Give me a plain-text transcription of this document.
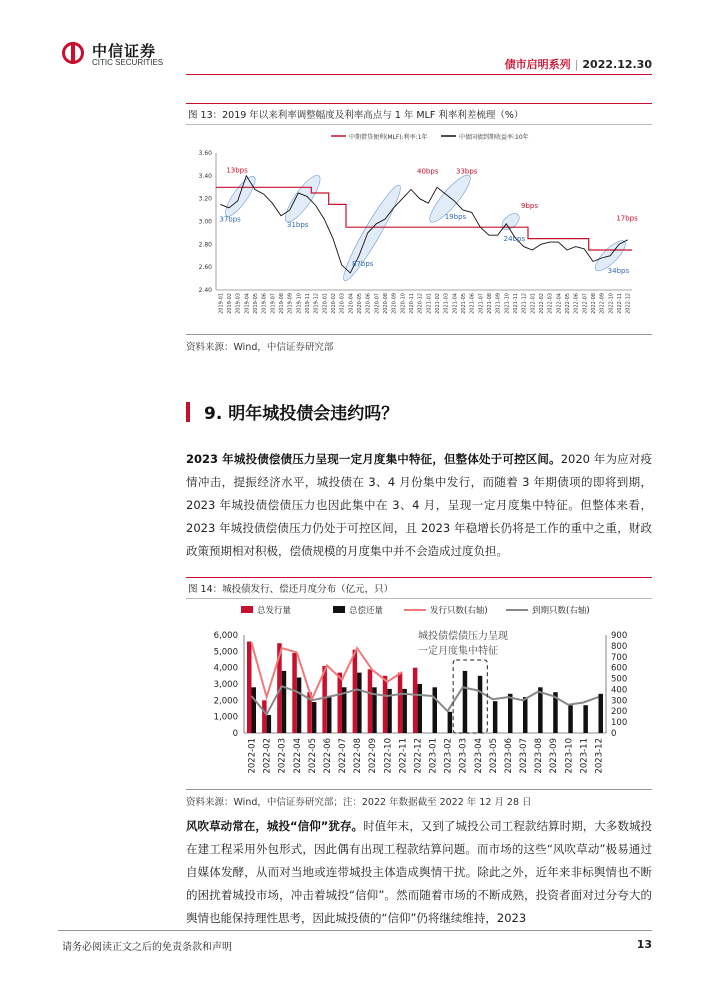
中信证券
CITIC SECURITIES	债市启明系列 | 2022.12.30
图 13：2019 年以来利率调整幅度及利率高点与 1 年 MLF 利率利差梳理（%）
中期借贷便利(MLF):利率:1年	中债国债到期收益率:10年
3.60
3.40
3.20
3.00
2.80
2.60
2.40
2019-01 2019-02 2019-03 2019-04 2019-05 2019-06 2019-07 2019-08 2019-09 2019-10 2019-11 2019-12 2020-01 2020-02 2020-03 2020-04 2020-05 2020-06 2020-07 2020-08 2020-09 2020-10 2020-11 2020-12 2021-01 2021-02 2021-03 2021-04 2021-05 2021-06 2021-07 2021-08 2021-09 2021-10 2021-11 2021-12 2022-01 2022-02 2022-03 2022-04 2022-05 2022-06 2022-07 2022-08 2022-09 2022-10 2022-11 2022-12
13bps
37bps
31bps
87bps
40bps	33bps
19bps
9bps
24bps
17bps
34bps
资料来源：Wind，中信证券研究部
9. 明年城投债会违约吗？
2023 年城投债偿债压力呈现一定月度集中特征，但整体处于可控区间。2020 年为应对疫情冲击，提振经济水平，城投债在 3、4 月份集中发行，而随着 3 年期债项的即将到期，2023 年城投债偿债压力也因此集中在 3、4 月，呈现一定月度集中特征。但整体来看，2023 年城投债偿债压力仍处于可控区间，且 2023 年稳增长仍将是工作的重中之重，财政政策预期相对积极，偿债规模的月度集中并不会造成过度负担。
图 14：城投债发行、偿还月度分布（亿元，只）
总发行量	总偿还量	发行只数(右轴)	到期只数(右轴)
6,000
5,000
4,000
3,000
2,000
1,000
0
900
800
700
600
500
400
300
200
100
0
2022-01 2022-02 2022-03 2022-04 2022-05 2022-06 2022-07 2022-08 2022-09 2022-10 2022-11 2022-12 2023-01 2023-02 2023-03 2023-04 2023-05 2023-06 2023-07 2023-08 2023-09 2023-10 2023-11 2023-12
城投债偿债压力呈现
一定月度集中特征
资料来源：Wind，中信证券研究部；注：2022 年数据截至 2022 年 12 月 28 日
风吹草动常在，城投“信仰”犹存。时值年末，又到了城投公司工程款结算时期，大多数城投在建工程采用外包形式，因此偶有出现工程款结算问题。而市场的这些“风吹草动”极易通过自媒体发酵，从而对当地或连带城投主体造成舆情干扰。除此之外，近年来非标舆情也不断的困扰着城投市场，冲击着城投“信仰”。然而随着市场的不断成熟，投资者面对过分夸大的舆情也能保持理性思考，因此城投债的“信仰”仍将继续维持，2023
请务必阅读正文之后的免责条款和声明	13
